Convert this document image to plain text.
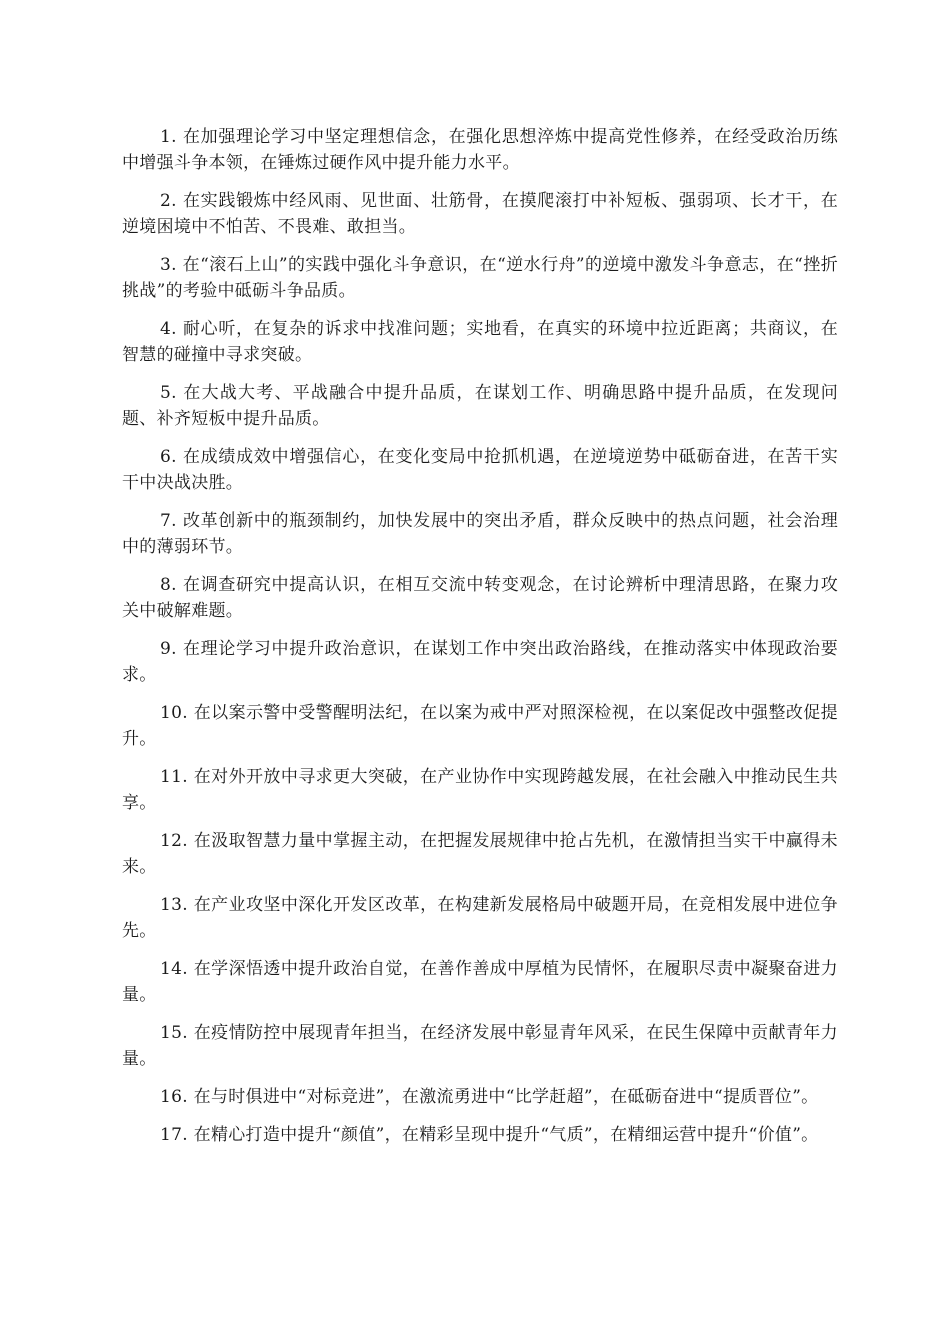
1. 在加强理论学习中坚定理想信念，在强化思想淬炼中提高党性修养，在经受政治历练中增强斗争本领，在锤炼过硬作风中提升能力水平。

2. 在实践锻炼中经风雨、见世面、壮筋骨，在摸爬滚打中补短板、强弱项、长才干，在逆境困境中不怕苦、不畏难、敢担当。

3. 在“滚石上山”的实践中强化斗争意识，在“逆水行舟”的逆境中激发斗争意志，在“挫折挑战”的考验中砥砺斗争品质。

4. 耐心听，在复杂的诉求中找准问题；实地看，在真实的环境中拉近距离；共商议，在智慧的碰撞中寻求突破。

5. 在大战大考、平战融合中提升品质，在谋划工作、明确思路中提升品质，在发现问题、补齐短板中提升品质。

6. 在成绩成效中增强信心，在变化变局中抢抓机遇，在逆境逆势中砥砺奋进，在苦干实干中决战决胜。

7. 改革创新中的瓶颈制约，加快发展中的突出矛盾，群众反映中的热点问题，社会治理中的薄弱环节。

8. 在调查研究中提高认识，在相互交流中转变观念，在讨论辨析中理清思路，在聚力攻关中破解难题。

9. 在理论学习中提升政治意识，在谋划工作中突出政治路线，在推动落实中体现政治要求。

10. 在以案示警中受警醒明法纪，在以案为戒中严对照深检视，在以案促改中强整改促提升。

11. 在对外开放中寻求更大突破，在产业协作中实现跨越发展，在社会融入中推动民生共享。

12. 在汲取智慧力量中掌握主动，在把握发展规律中抢占先机，在激情担当实干中赢得未来。

13. 在产业攻坚中深化开发区改革，在构建新发展格局中破题开局，在竞相发展中进位争先。

14. 在学深悟透中提升政治自觉，在善作善成中厚植为民情怀，在履职尽责中凝聚奋进力量。

15. 在疫情防控中展现青年担当，在经济发展中彰显青年风采，在民生保障中贡献青年力量。

16. 在与时俱进中“对标竞进”，在激流勇进中“比学赶超”，在砥砺奋进中“提质晋位”。

17. 在精心打造中提升“颜值”，在精彩呈现中提升“气质”，在精细运营中提升“价值”。
